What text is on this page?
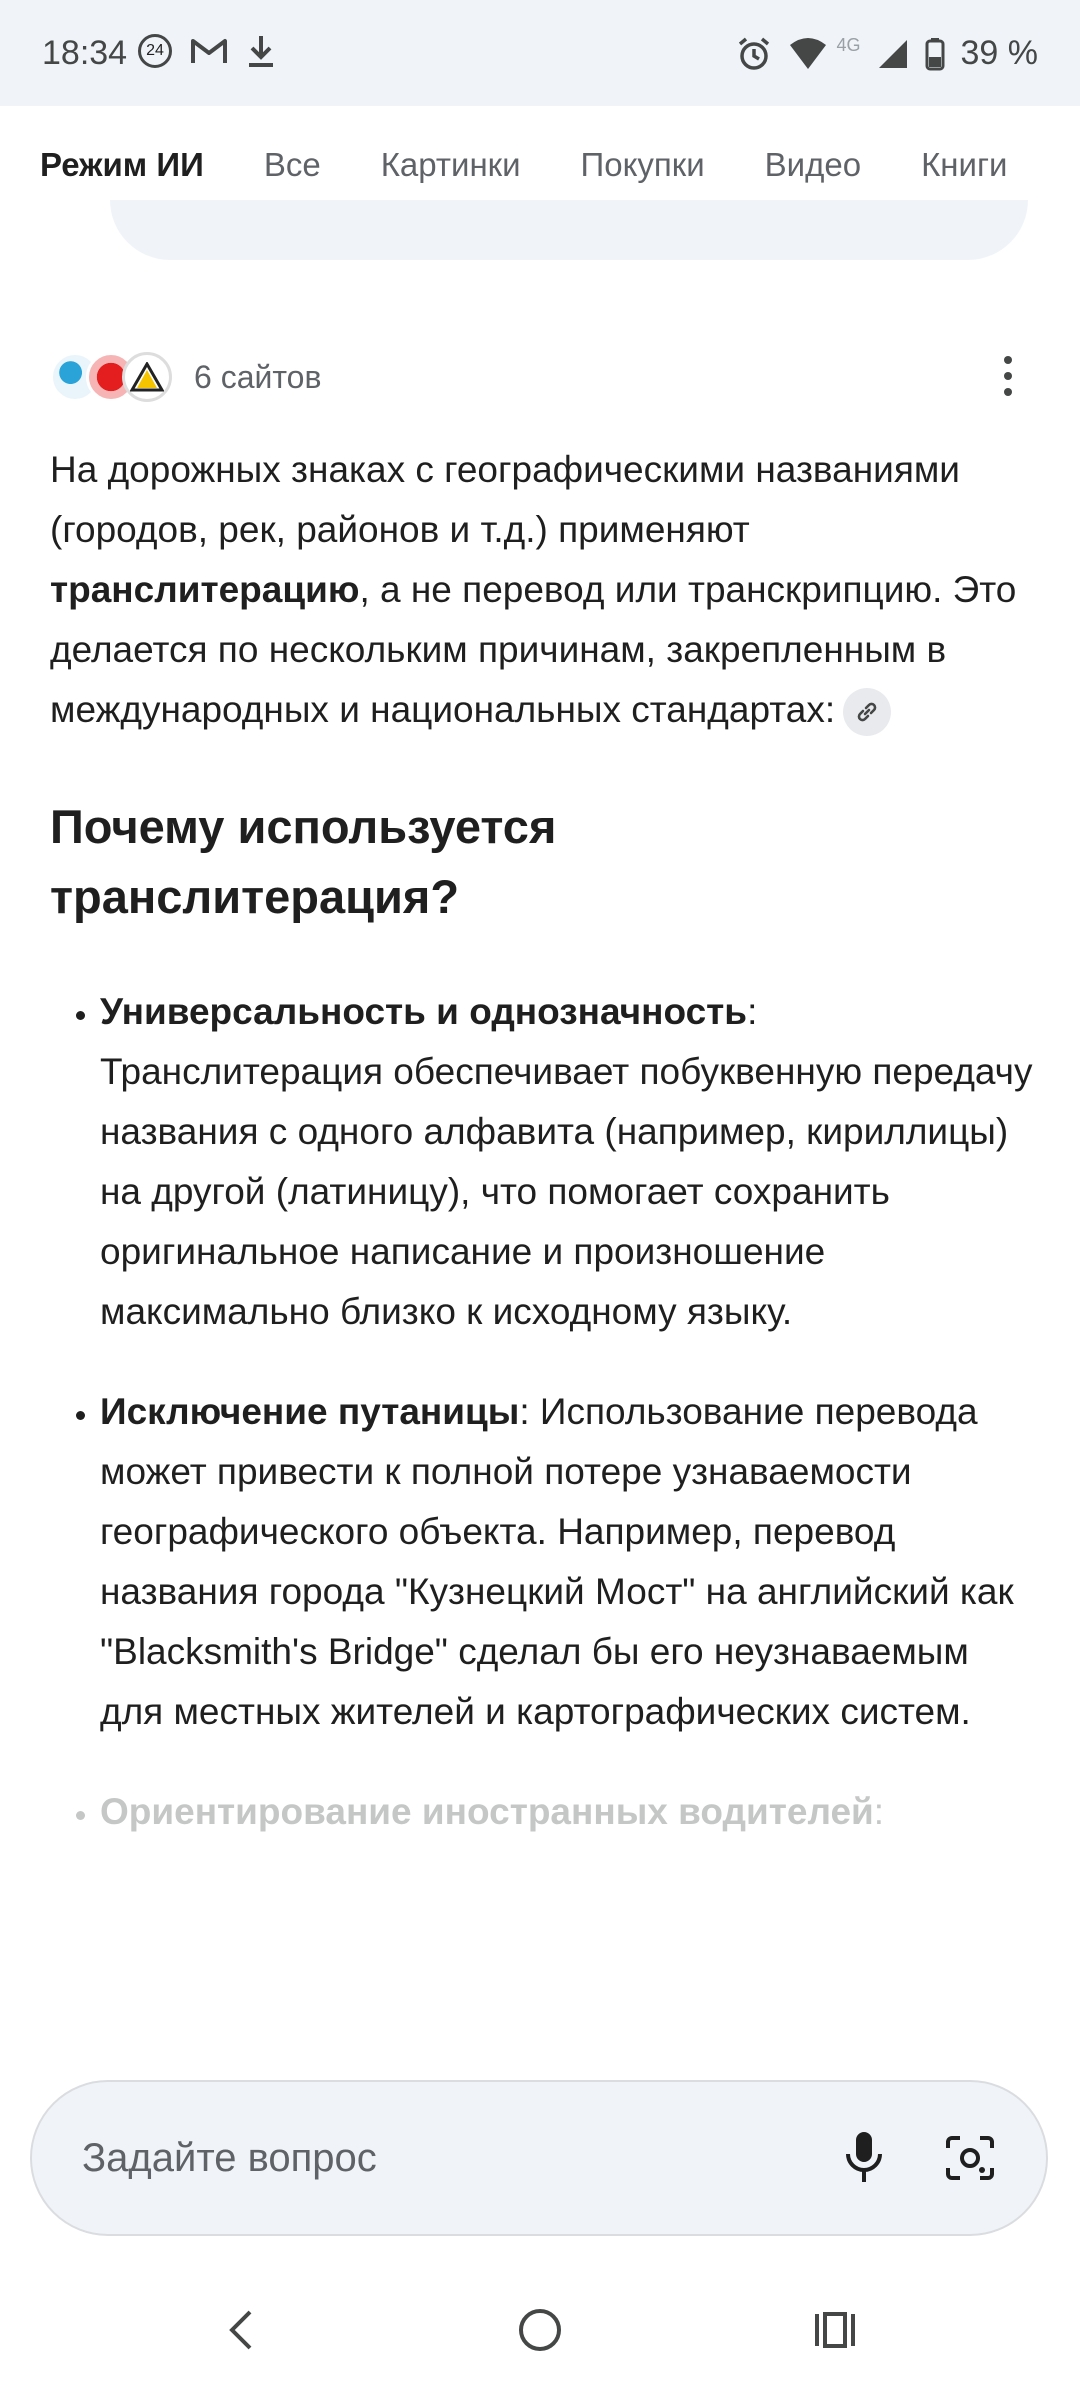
18:34	24	4G	39 %
Режим ИИ Все Картинки Покупки Видео Книги
6 сайтов

На дорожных знаках с географическими названиями (городов, рек, районов и т.д.) применяют транслитерацию, а не перевод или транскрипцию. Это делается по нескольким причинам, закрепленным в международных и национальных стандартах:

Почему используется транслитерация?
• Универсальность и однозначность: Транслитерация обеспечивает побуквенную передачу названия с одного алфавита (например, кириллицы) на другой (латиницу), что помогает сохранить оригинальное написание и произношение максимально близко к исходному языку.
• Исключение путаницы: Использование перевода может привести к полной потере узнаваемости географического объекта. Например, перевод названия города "Кузнецкий Мост" на английский как "Blacksmith's Bridge" сделал бы его неузнаваемым для местных жителей и картографических систем.
• Ориентирование иностранных водителей:
Задайте вопрос
